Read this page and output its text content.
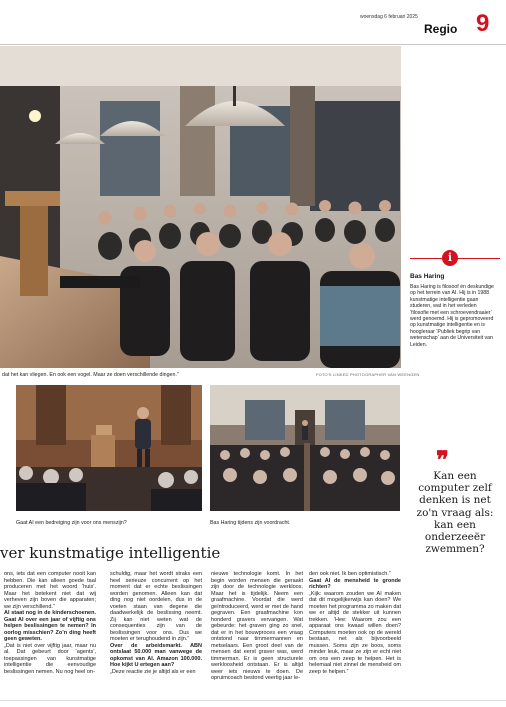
woensdag 6 februari 2025
Regio 9
dat het kan vliegen. En ook een vogel. Maar ze doen verschillende dingen.”	FOTO'S LINKED PHOTOGRAPHER VAN WEENGEN
i
Bas Haring
Bas Haring is filosoof én deskundige op het terrein van AI. Hij is in 1988 kunstmatige intelligentie gaan studeren, wat in het verleden ‘filosofie met een schroevendraaier’ werd genoemd. Hij is gepromoveerd op kunstmatige intelligentie en is hoogleraar ‘Publiek begrip van wetenschap’ aan de Universiteit van Leiden.
Gaat AI een bedreiging zijn voor ons menszijn?	Bas Haring tijdens zijn voordracht.
❞
Kan een computer zelf denken is net zo'n vraag als: kan een onderzeeër zwemmen?
ver kunstmatige intelligentie

ons, iets dat een computer nooit kan hebben. Die kan alleen goede taal produceren met het woord ‘huis’. Maar het betekent niet dat wij verheven zijn boven die apparaten; we zijn verschillend.”

AI staat nog in de kinderschoenen. Gaat AI over een jaar of vijftig ons helpen beslissingen te nemen? In oorlog misschien? Zo’n ding heeft geen geweten.

„Dat is niet over vijftig jaar, maar nu al. Dat gebeurt door ‘agents’, toepassingen van kunstmatige intelligentie die eenvoudige beslissingen nemen. Nu nog heel on-

schuldig, maar het wordt straks een heel serieuze concurrent op het moment dat er echte beslissingen worden genomen. Alleen kan dat ding nog niet oordelen, dus in de voeten staan van degene die daadwerkelijk de beslissing neemt. Zij kan niet weten wat de consequenties zijn van de beslissingen voor ons. Dus we moeten er terughoudend in zijn.”

Over de arbeidsmarkt. ABN ontslaat 50.000 man vanwege de opkomst van AI. Amazon 100.000. Hoe kijkt U ertegen aan?

„Deze reactie zie je altijd als er een

nieuwe technologie komt. In het begin worden mensen die geraakt zijn door de technologie werkloos. Maar het is tijdelijk. Neem een graafmachine. Voordat die werd geïntroduceerd, werd er met de hand gegraven. Een graafmachine kon honderd gravers vervangen. Wat gebeurde: het graven ging zo snel, dat er in het bouwproces een vraag ontstond naar timmermannen en metselaars. Een groot deel van de mensen dat eerst graver was, werd timmerman. Er is geen structurele werkloosheid ontstaan. Er is altijd weer iets nieuws te doen. De opruimcoach bestond veertig jaar le-

den ook niet. Ik ben optimistisch.”

Gaat AI de mensheid te gronde richten?

„Kijk: waarom zouden we AI maken dat dit mogelijkerwijs kan doen? We moeten het programma zo maken dat we er altijd de stekker uit kunnen trekken. ‘Hee: Waarom zou een apparaat ons kwaad willen doen? Computers moeten ook op de wereld bestaan, net als bijvoorbeeld mussen. Soms zijn ze boos, soms minder leuk, maar ze zijn er echt niet om ons een zeep te helpen. Het is helemaal niet zinnel de mensheid om zeep te helpen.”
